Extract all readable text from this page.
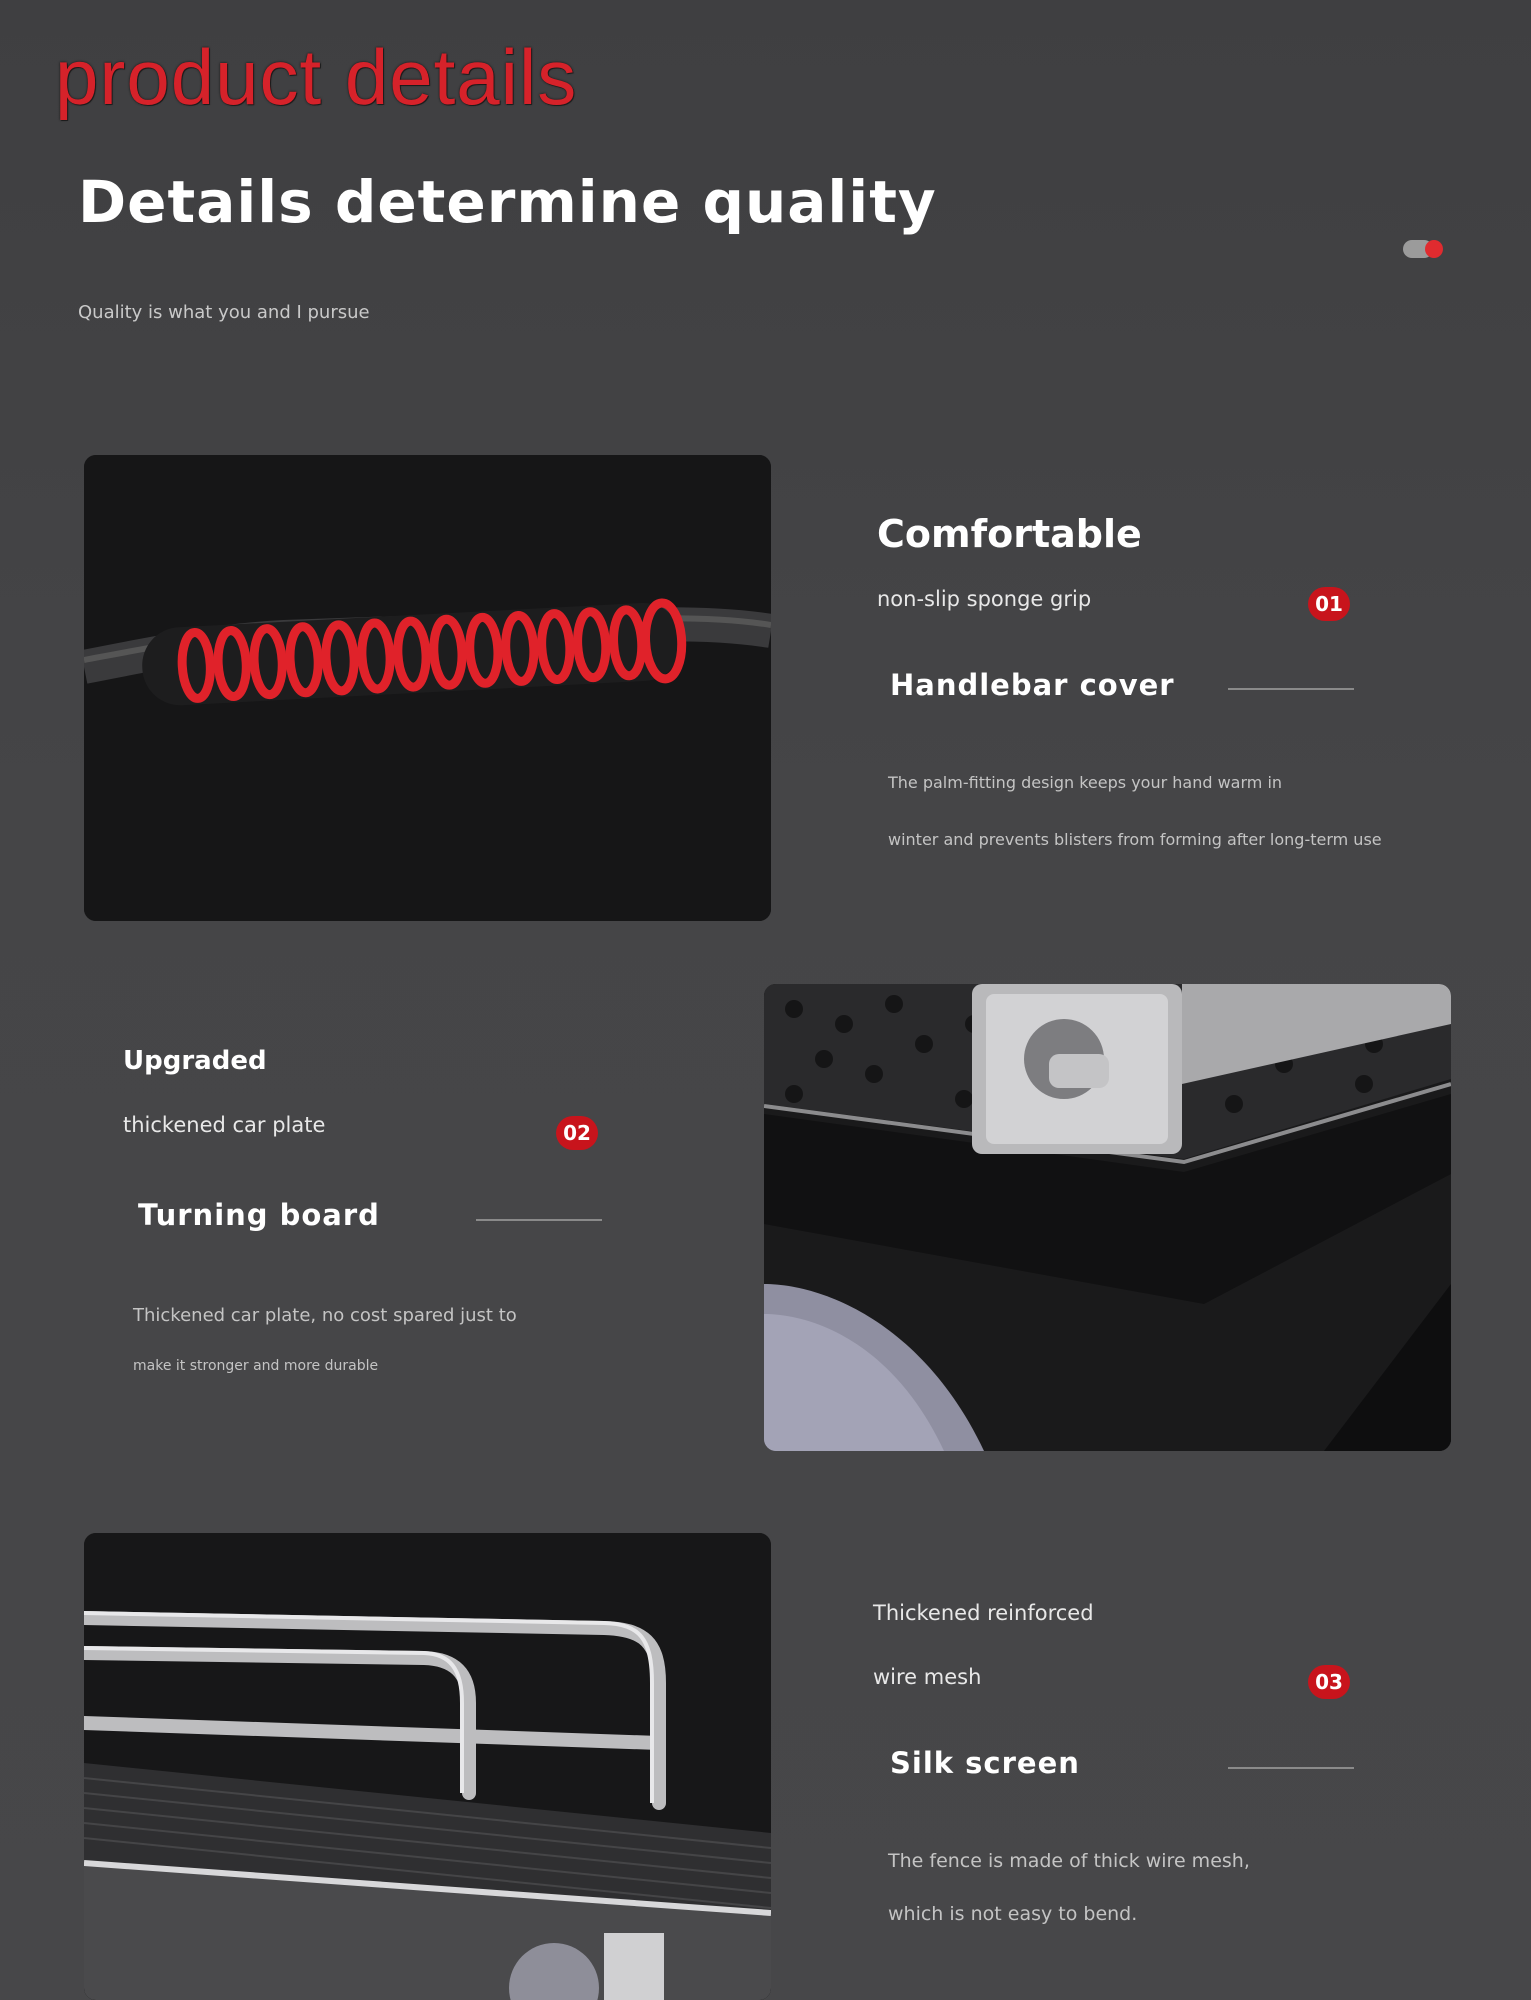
product details
Details determine quality
Quality is what you and I pursue
Comfortable
non-slip sponge grip	01
Handlebar cover
The palm-fitting design keeps your hand warm in
winter and prevents blisters from forming after long-term use
Upgraded
thickened car plate	02
Turning board
Thickened car plate, no cost spared just to
make it stronger and more durable
Thickened reinforced
wire mesh	03
Silk screen
The fence is made of thick wire mesh,
which is not easy to bend.
